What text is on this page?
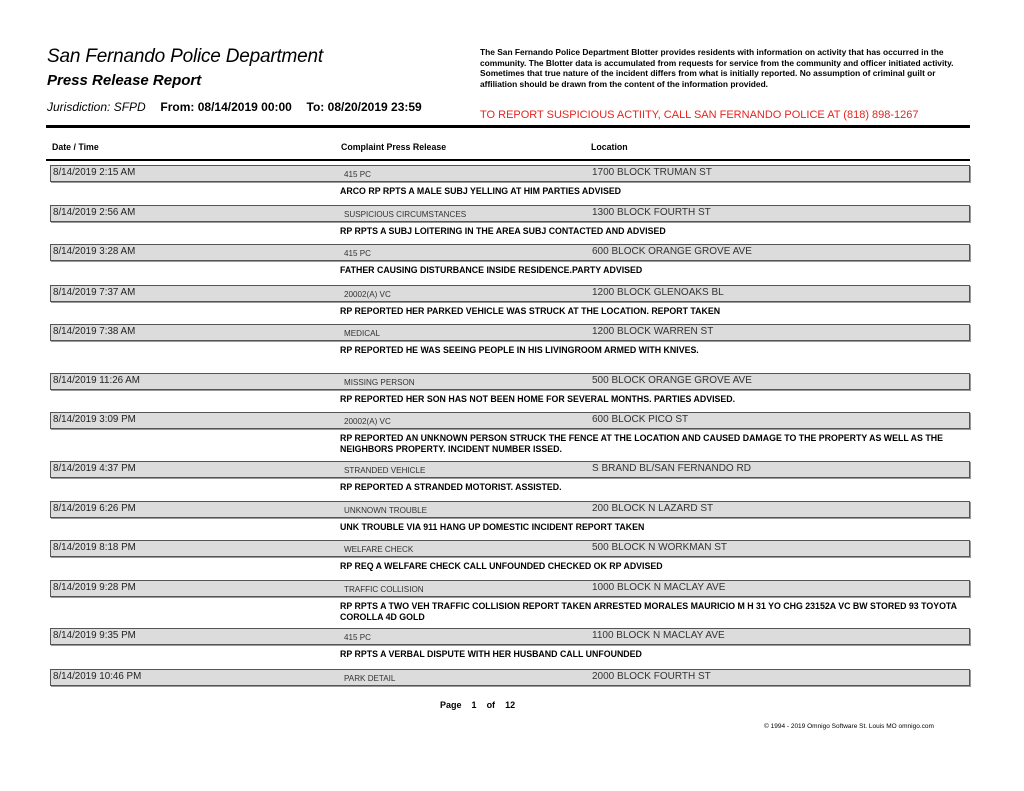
San Fernando Police Department
Press Release Report
Jurisdiction: SFPD From: 08/14/2019 00:00 To: 08/20/2019 23:59
The San Fernando Police Department Blotter provides residents with information on activity that has occurred in the community. The Blotter data is accumulated from requests for service from the community and officer initiated activity. Sometimes that true nature of the incident differs from what is initially reported. No assumption of criminal guilt or affiliation should be drawn from the content of the information provided.
TO REPORT SUSPICIOUS ACTIITY, CALL SAN FERNANDO POLICE AT (818) 898-1267
Date / Time	Complaint Press Release	Location
8/14/2019 2:15 AM	415 PC	1700 BLOCK TRUMAN ST
ARCO RP RPTS A MALE SUBJ YELLING AT HIM PARTIES ADVISED
8/14/2019 2:56 AM	SUSPICIOUS CIRCUMSTANCES	1300 BLOCK FOURTH ST
RP RPTS A SUBJ LOITERING IN THE AREA SUBJ CONTACTED AND ADVISED
8/14/2019 3:28 AM	415 PC	600 BLOCK ORANGE GROVE AVE
FATHER CAUSING DISTURBANCE INSIDE RESIDENCE.PARTY ADVISED
8/14/2019 7:37 AM	20002(A) VC	1200 BLOCK GLENOAKS BL
RP REPORTED HER PARKED VEHICLE WAS STRUCK AT THE LOCATION. REPORT TAKEN
8/14/2019 7:38 AM	MEDICAL	1200 BLOCK WARREN ST
RP REPORTED HE WAS SEEING PEOPLE IN HIS LIVINGROOM ARMED WITH KNIVES.
8/14/2019 11:26 AM	MISSING PERSON	500 BLOCK ORANGE GROVE AVE
RP REPORTED HER SON HAS NOT BEEN HOME FOR SEVERAL MONTHS. PARTIES ADVISED.
8/14/2019 3:09 PM	20002(A) VC	600 BLOCK PICO ST
RP REPORTED AN UNKNOWN PERSON STRUCK THE FENCE AT THE LOCATION AND CAUSED DAMAGE TO THE PROPERTY AS WELL AS THE NEIGHBORS PROPERTY. INCIDENT NUMBER ISSED.
8/14/2019 4:37 PM	STRANDED VEHICLE	S BRAND BL/SAN FERNANDO RD
RP REPORTED A STRANDED MOTORIST. ASSISTED.
8/14/2019 6:26 PM	UNKNOWN TROUBLE	200 BLOCK N LAZARD ST
UNK TROUBLE VIA 911 HANG UP DOMESTIC INCIDENT REPORT TAKEN
8/14/2019 8:18 PM	WELFARE CHECK	500 BLOCK N WORKMAN ST
RP REQ A WELFARE CHECK CALL UNFOUNDED CHECKED OK RP ADVISED
8/14/2019 9:28 PM	TRAFFIC COLLISION	1000 BLOCK N MACLAY AVE
RP RPTS A TWO VEH TRAFFIC COLLISION REPORT TAKEN ARRESTED MORALES MAURICIO M H 31 YO CHG 23152A VC BW STORED 93 TOYOTA COROLLA 4D GOLD
8/14/2019 9:35 PM	415 PC	1100 BLOCK N MACLAY AVE
RP RPTS A VERBAL DISPUTE WITH HER HUSBAND CALL UNFOUNDED
8/14/2019 10:46 PM	PARK DETAIL	2000 BLOCK FOURTH ST
Page 1 of 12
© 1994 - 2019 Omnigo Software St. Louis MO omnigo.com
